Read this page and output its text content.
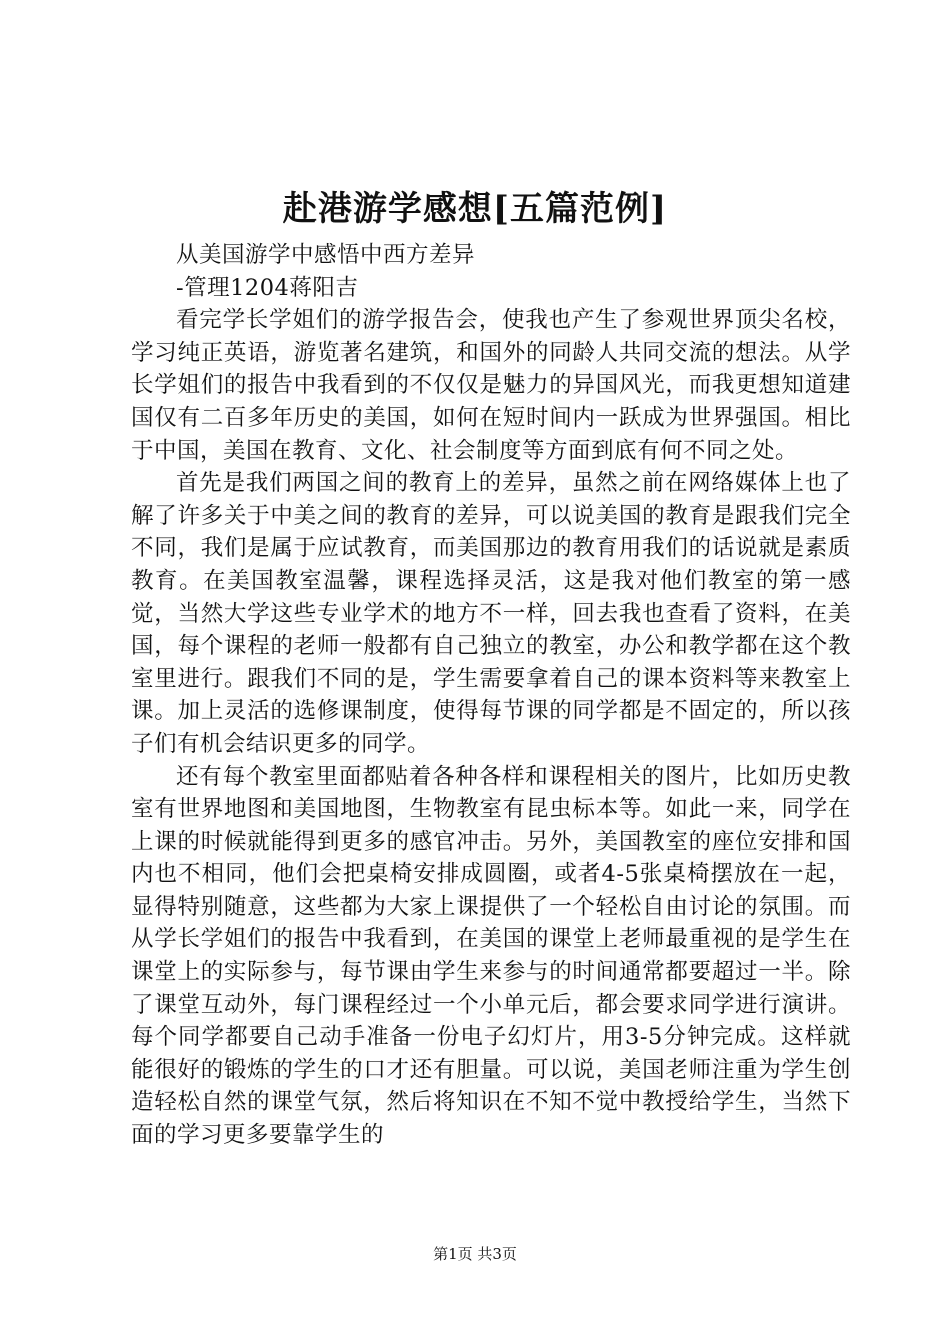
赴港游学感想[五篇范例]

从美国游学中感悟中西方差异

-管理1204蒋阳吉

看完学长学姐们的游学报告会，使我也产生了参观世界顶尖名校，学习纯正英语，游览著名建筑，和国外的同龄人共同交流的想法。从学长学姐们的报告中我看到的不仅仅是魅力的异国风光，而我更想知道建国仅有二百多年历史的美国，如何在短时间内一跃成为世界强国。相比于中国，美国在教育、文化、社会制度等方面到底有何不同之处。

首先是我们两国之间的教育上的差异，虽然之前在网络媒体上也了解了许多关于中美之间的教育的差异，可以说美国的教育是跟我们完全不同，我们是属于应试教育，而美国那边的教育用我们的话说就是素质教育。在美国教室温馨，课程选择灵活，这是我对他们教室的第一感觉，当然大学这些专业学术的地方不一样，回去我也查看了资料，在美国，每个课程的老师一般都有自己独立的教室，办公和教学都在这个教室里进行。跟我们不同的是，学生需要拿着自己的课本资料等来教室上课。加上灵活的选修课制度，使得每节课的同学都是不固定的，所以孩子们有机会结识更多的同学。

还有每个教室里面都贴着各种各样和课程相关的图片，比如历史教室有世界地图和美国地图，生物教室有昆虫标本等。如此一来，同学在上课的时候就能得到更多的感官冲击。另外，美国教室的座位安排和国内也不相同，他们会把桌椅安排成圆圈，或者4-5张桌椅摆放在一起，显得特别随意，这些都为大家上课提供了一个轻松自由讨论的氛围。而从学长学姐们的报告中我看到，在美国的课堂上老师最重视的是学生在课堂上的实际参与，每节课由学生来参与的时间通常都要超过一半。除了课堂互动外，每门课程经过一个小单元后，都会要求同学进行演讲。每个同学都要自己动手准备一份电子幻灯片，用3-5分钟完成。这样就能很好的锻炼的学生的口才还有胆量。可以说，美国老师注重为学生创造轻松自然的课堂气氛，然后将知识在不知不觉中教授给学生，当然下面的学习更多要靠学生的

第1页 共3页
